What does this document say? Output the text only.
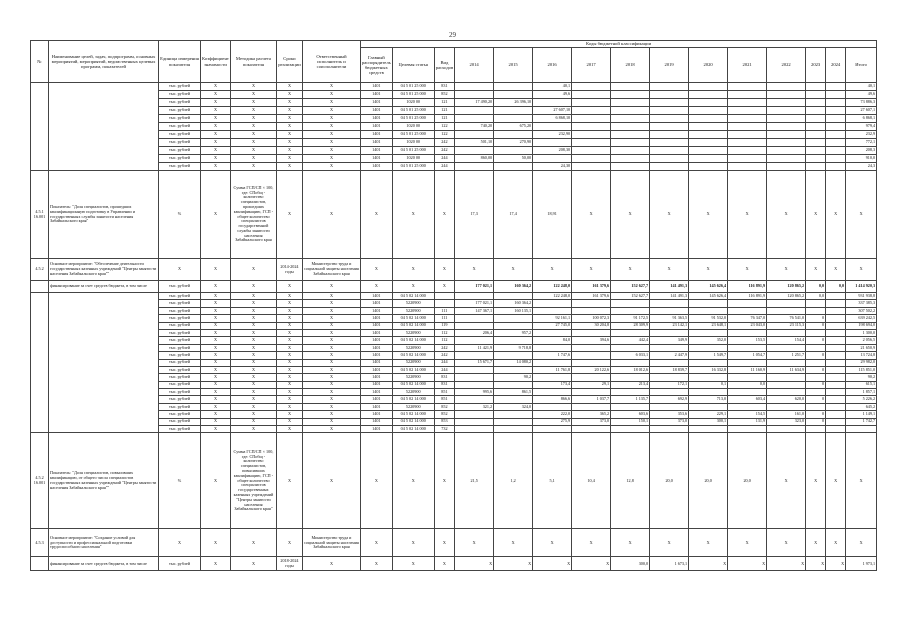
29
№	Наименование целей, задач, подпрограмм, основных мероприятий, мероприятий, ведомственных целевых программ, показателей	Единица измерения показателя	Коэффициент значимости	Методика расчета показателя	Сроки реализации	Ответственный исполнитель и соисполнители	Коды бюджетной классификации														
							Главный распорядитель бюджетных средств	Целевая статья	Вид расходов	2014	2015	2016	2017	2018	2019	2020	2021	2022	2023	2024	Итого
		тыс. рублей	X	X	X	X	1401	04 5 01 25 000	831			40,1									40,1
		тыс. рублей	X	X	X	X	1401	04 5 01 25 000	852			49,6									49,6
		тыс. рублей	X	X	X	X	1401	1020 00	121	17 490,20	26 396,10										73 886,3
		тыс. рублей	X	X	X	X	1401	04 5 01 25 000	121			27 607,10									27 607,1
		тыс. рублей	X	X	X	X	1401	04 5 01 25 000	121			6 868,10									6 868,1
		тыс. рублей	X	X	X	X	1401	1020 00	122	740,20	675,20										979,4
		тыс. рублей	X	X	X	X	1401	04 5 01 25 000	122			232,90									232,9
		тыс. рублей	X	X	X	X	1401	1020 00	242	501,10	270,90										772,1
		тыс. рублей	X	X	X	X	1401	04 5 01 25 000	242			208,30									208,3
		тыс. рублей	X	X	X	X	1401	1020 00	244	860,00	50,00										910,0
		тыс. рублей	X	X	X	X	1401	04 5 01 25 000	244			24,30									24,3
4.5.1 16.001	Показатель: "Доля специалистов, прошедших квалификационную подготовку в Управлении и государственных службы занятости населения Забайкальского края"	%	X	Сумма ГСП/СП × 100, где: СПобщ - количество специалистов, прошедших квалификацию, ГСП - общее количество специалистов государственной службы занятости населения Забайкальского края	X	X	X	X	X	17,3	17,4	18,91	X	X	X	X	X	X	X	X	X
4.5.2	Основное мероприятие: "Обеспечение деятельности государственных казенных учреждений "Центры занятости населения Забайкальского края""	X	X	X	2014-2024 годы	Министерство труда и социальной защиты населения Забайкальского края	X	X	X	X	X	X	X	X	X	X	X	X	X	X	X
	финансирование за счет средств бюджета, в том числе	тыс. рублей	X	X	X	X	X	X	X	177 021,1	160 364,2	122 248,0	161 379,6	152 627,7	141 491,3	145 626,4	116 891,9	120 865,2	0,0	0,0	1 414 920,3
		тыс. рублей	X	X	X	X	1401	04 5 02 14 000				122 248,0	161 379,6	152 627,7	141 491,3	145 626,4	116 891,9	120 865,2	0,0		931 938,8
		тыс. рублей	X	X	X	X	1401	5220900		177 021,1	160 364,2										337 385,3
		тыс. рублей	X	X	X	X	1401	5220900	111	147 367,1	160 135,1										307 502,2
		тыс. рублей	X	X	X	X	1401	04 5 02 14 000	111			92 161,1	100 072,3	91 172,5	91 363,5	91 532,0	76 347,0	76 541,0	0		639 242,5
		тыс. рублей	X	X	X	X	1401	04 5 02 14 000	119			27 745,0	30 204,8	28 309,9	23 142,1	23 648,1	23 043,0	23 115,3	0		198 694,0
		тыс. рублей	X	X	X	X	1401	5220900	112	206,4	957,2										1 300,0
		тыс. рублей	X	X	X	X	1401	04 5 02 14 000	112			84,0	394,6	442,4	349,9	352,0	153,5	154,4	0		2 056,5
		тыс. рублей	X	X	X	X	1401	5220900	242	11 421,9	9 718,8										21 650,9
		тыс. рублей	X	X	X	X	1401	04 5 02 14 000	242			1 747,6		6 033,1	2 447,9	1 549,7	1 054,7	1 251,7	0		13 724,8
		тыс. рублей	X	X	X	X	1401	5220900	244	15 671,7	14 080,2										29 982,0
		тыс. рублей	X	X	X	X	1401	04 5 02 14 000	244			11 761,8	20 122,6	18 012,6	18 839,7	16 332,8	11 160,9	11 634,9	0		115 851,0
		тыс. рублей	X	X	X	X	1401	5220900	831		90,2										90,2
		тыс. рублей	X	X	X	X	1401	04 5 02 14 000	831			173,4	29,1	213,4	172,1	0,1	0,0		0		615,1
		тыс. рублей	X	X	X	X	1401	5220900	851	995,6	861,5										1 857,1
		тыс. рублей	X	X	X	X	1401	04 5 02 14 000	851			866,6	1 037,7	1 135,7	692,9	713,0	603,4	620,0	0		5 226,2
		тыс. рублей	X	X	X	X	1401	5220900	852	321,2	324,0										645,2
		тыс. рублей	X	X	X	X	1401	04 5 02 14 000	852			222,0	365,2	603,6	353,6	229,1	154,5	161,0	0		1 149,1
		тыс. рублей	X	X	X	X	1401	04 5 02 14 000	853			275,9	373,0	150,1	373,0	300,1	131,9	323,0	0		1 742,7
		тыс. рублей	X	X	X	X	1401	04 5 02 14 000	732												
4.5.2 16.001	Показатель: "Доля специалистов, повысивших квалификацию, от общего числа специалистов государственных казенных учреждений "Центры занятости населения Забайкальского края""	%	X	Сумма ГСП/СП × 100, где: СПобщ - количество специалистов, повысивших квалификацию, ГСП - общее количество специалистов государственных казенных учреждений "Центры занятости населения Забайкальского края"	X	X	X	X	X	21,5	1,2	5,1	10,4	12,8	20,0	20,0	20,0	X	X	X	X
4.5.3	Основное мероприятие: "Создание условий для доступности и профессиональной подготовки трудоспособного населения"	X	X	X	X	Министерство труда и социальной защиты населения Забайкальского края	X	X	X	X	X	X	X	X	X	X	X	X	X	X	X
	финансирование за счет средств бюджета, в том числе	тыс. рублей	X	X	2018-2024 годы	X	X	X	X	X	X	X	X	300,0	1 673,1	X	X	X	X	X	1 973,1
